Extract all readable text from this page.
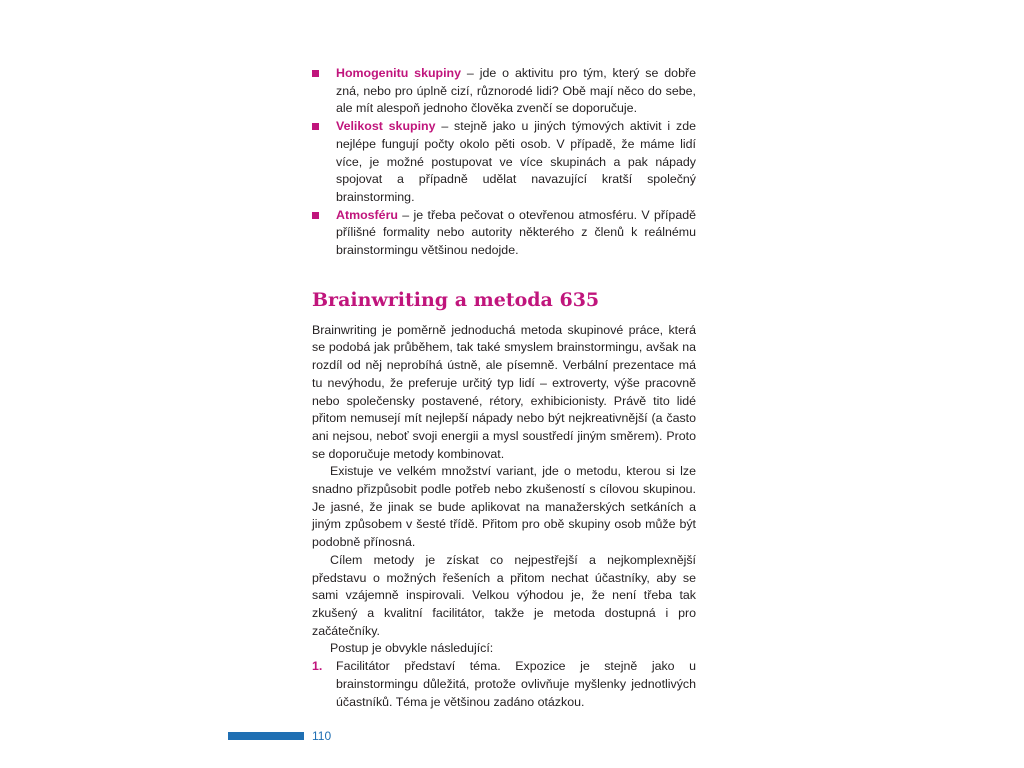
Homogenitu skupiny – jde o aktivitu pro tým, který se dobře zná, nebo pro úplně cizí, různorodé lidi? Obě mají něco do sebe, ale mít alespoň jednoho člověka zvenčí se doporučuje.
Velikost skupiny – stejně jako u jiných týmových aktivit i zde nejlépe fungují počty okolo pěti osob. V případě, že máme lidí více, je možné postupovat ve více skupinách a pak nápady spojovat a případně udělat navazující kratší společný brainstorming.
Atmosféru – je třeba pečovat o otevřenou atmosféru. V případě přílišné formality nebo autority některého z členů k reálnému brainstormingu většinou nedojde.
Brainwriting a metoda 635

Brainwriting je poměrně jednoduchá metoda skupinové práce, která se podobá jak průběhem, tak také smyslem brainstormingu, avšak na rozdíl od něj neprobíhá ústně, ale písemně. Verbální prezentace má tu nevýhodu, že preferuje určitý typ lidí – extroverty, výše pracovně nebo společensky postavené, rétory, exhibicionisty. Právě tito lidé přitom nemusejí mít nejlepší nápady nebo být nejkreativnější (a často ani nejsou, neboť svoji energii a mysl soustředí jiným směrem). Proto se doporučuje metody kombinovat.

Existuje ve velkém množství variant, jde o metodu, kterou si lze snadno přizpůsobit podle potřeb nebo zkušeností s cílovou skupinou. Je jasné, že jinak se bude aplikovat na manažerských setkáních a jiným způsobem v šesté třídě. Přitom pro obě skupiny osob může být podobně přínosná.

Cílem metody je získat co nejpestřejší a nejkomplexnější představu o možných řešeních a přitom nechat účastníky, aby se sami vzájemně inspirovali. Velkou výhodou je, že není třeba tak zkušený a kvalitní facilitátor, takže je metoda dostupná i pro začátečníky.

Postup je obvykle následující:

1. Facilitátor představí téma. Expozice je stejně jako u brainstormingu důležitá, protože ovlivňuje myšlenky jednotlivých účastníků. Téma je většinou zadáno otázkou.
110
